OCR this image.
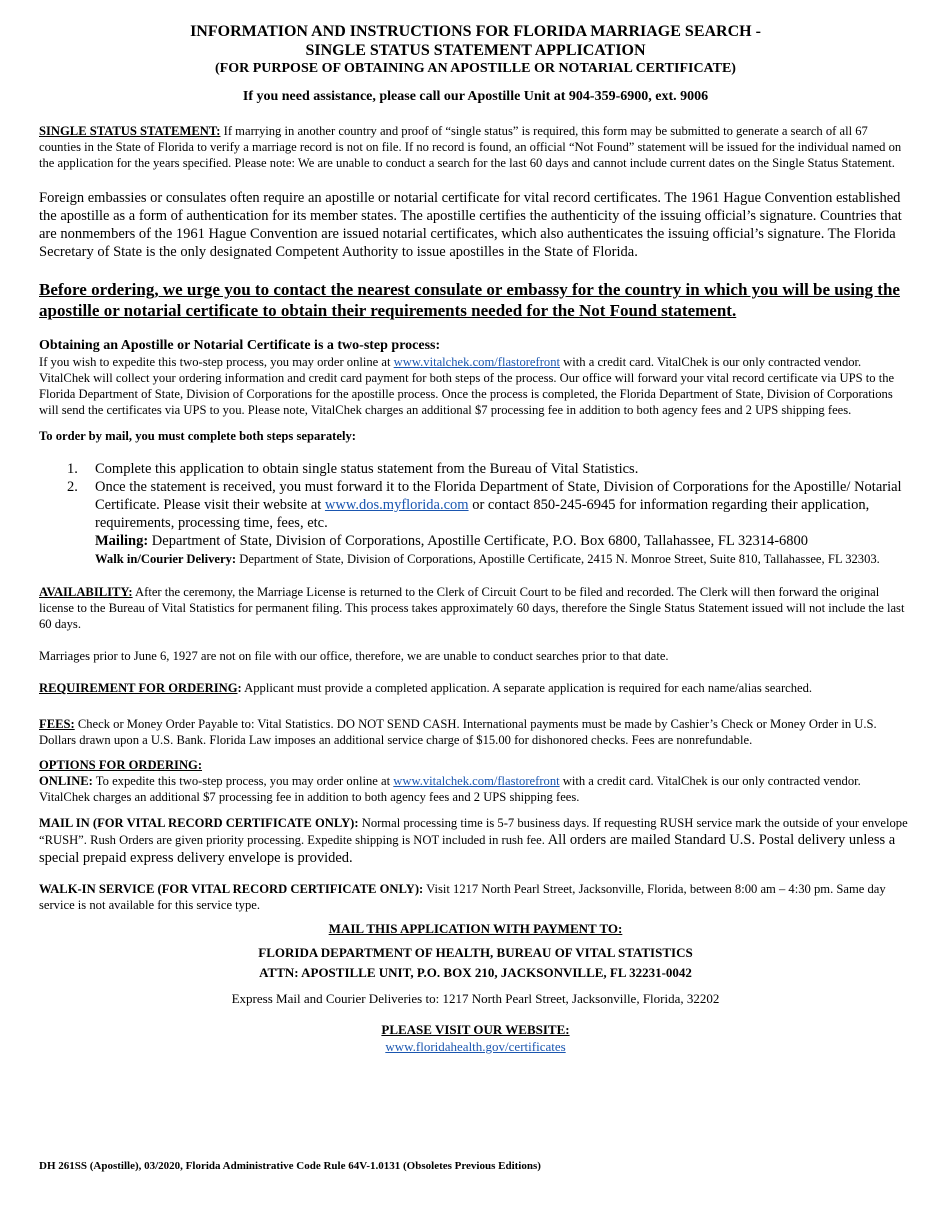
INFORMATION AND INSTRUCTIONS FOR FLORIDA MARRIAGE SEARCH -
SINGLE STATUS STATEMENT APPLICATION
(FOR PURPOSE OF OBTAINING AN APOSTILLE OR NOTARIAL CERTIFICATE)
If you need assistance, please call our Apostille Unit at 904-359-6900, ext. 9006

SINGLE STATUS STATEMENT: If marrying in another country and proof of “single status” is required, this form may be submitted to generate a search of all 67 counties in the State of Florida to verify a marriage record is not on file. If no record is found, an official “Not Found” statement will be issued for the individual named on the application for the years specified. Please note: We are unable to conduct a search for the last 60 days and cannot include current dates on the Single Status Statement.

Foreign embassies or consulates often require an apostille or notarial certificate for vital record certificates. The 1961 Hague Convention established the apostille as a form of authentication for its member states. The apostille certifies the authenticity of the issuing official’s signature. Countries that are nonmembers of the 1961 Hague Convention are issued notarial certificates, which also authenticates the issuing official’s signature. The Florida Secretary of State is the only designated Competent Authority to issue apostilles in the State of Florida.

Before ordering, we urge you to contact the nearest consulate or embassy for the country in which you will be using the apostille or notarial certificate to obtain their requirements needed for the Not Found statement.

Obtaining an Apostille or Notarial Certificate is a two-step process:

If you wish to expedite this two-step process, you may order online at www.vitalchek.com/flastorefront with a credit card. VitalChek is our only contracted vendor. VitalChek will collect your ordering information and credit card payment for both steps of the process. Our office will forward your vital record certificate via UPS to the Florida Department of State, Division of Corporations for the apostille process. Once the process is completed, the Florida Department of State, Division of Corporations will send the certificates via UPS to you. Please note, VitalChek charges an additional $7 processing fee in addition to both agency fees and 2 UPS shipping fees.

To order by mail, you must complete both steps separately:

1. Complete this application to obtain single status statement from the Bureau of Vital Statistics.
2. Once the statement is received, you must forward it to the Florida Department of State, Division of Corporations for the Apostille/ Notarial Certificate. Please visit their website at www.dos.myflorida.com or contact 850-245-6945 for information regarding their application, requirements, processing time, fees, etc.
Mailing: Department of State, Division of Corporations, Apostille Certificate, P.O. Box 6800, Tallahassee, FL 32314-6800
Walk in/Courier Delivery: Department of State, Division of Corporations, Apostille Certificate, 2415 N. Monroe Street, Suite 810, Tallahassee, FL 32303.

AVAILABILITY: After the ceremony, the Marriage License is returned to the Clerk of Circuit Court to be filed and recorded. The Clerk will then forward the original license to the Bureau of Vital Statistics for permanent filing. This process takes approximately 60 days, therefore the Single Status Statement issued will not include the last 60 days.

Marriages prior to June 6, 1927 are not on file with our office, therefore, we are unable to conduct searches prior to that date.

REQUIREMENT FOR ORDERING: Applicant must provide a completed application. A separate application is required for each name/alias searched.

FEES: Check or Money Order Payable to: Vital Statistics. DO NOT SEND CASH. International payments must be made by Cashier’s Check or Money Order in U.S. Dollars drawn upon a U.S. Bank. Florida Law imposes an additional service charge of $15.00 for dishonored checks. Fees are nonrefundable.

OPTIONS FOR ORDERING:

ONLINE: To expedite this two-step process, you may order online at www.vitalchek.com/flastorefront with a credit card. VitalChek is our only contracted vendor. VitalChek charges an additional $7 processing fee in addition to both agency fees and 2 UPS shipping fees.

MAIL IN (FOR VITAL RECORD CERTIFICATE ONLY): Normal processing time is 5-7 business days. If requesting RUSH service mark the outside of your envelope “RUSH”. Rush Orders are given priority processing. Expedite shipping is NOT included in rush fee. All orders are mailed Standard U.S. Postal delivery unless a special prepaid express delivery envelope is provided.

WALK-IN SERVICE (FOR VITAL RECORD CERTIFICATE ONLY): Visit 1217 North Pearl Street, Jacksonville, Florida, between 8:00 am – 4:30 pm. Same day service is not available for this service type.

MAIL THIS APPLICATION WITH PAYMENT TO:
FLORIDA DEPARTMENT OF HEALTH, BUREAU OF VITAL STATISTICS
ATTN: APOSTILLE UNIT, P.O. BOX 210, JACKSONVILLE, FL 32231-0042
Express Mail and Courier Deliveries to: 1217 North Pearl Street, Jacksonville, Florida, 32202
PLEASE VISIT OUR WEBSITE:
www.floridahealth.gov/certificates
DH 261SS (Apostille), 03/2020, Florida Administrative Code Rule 64V-1.0131 (Obsoletes Previous Editions)
